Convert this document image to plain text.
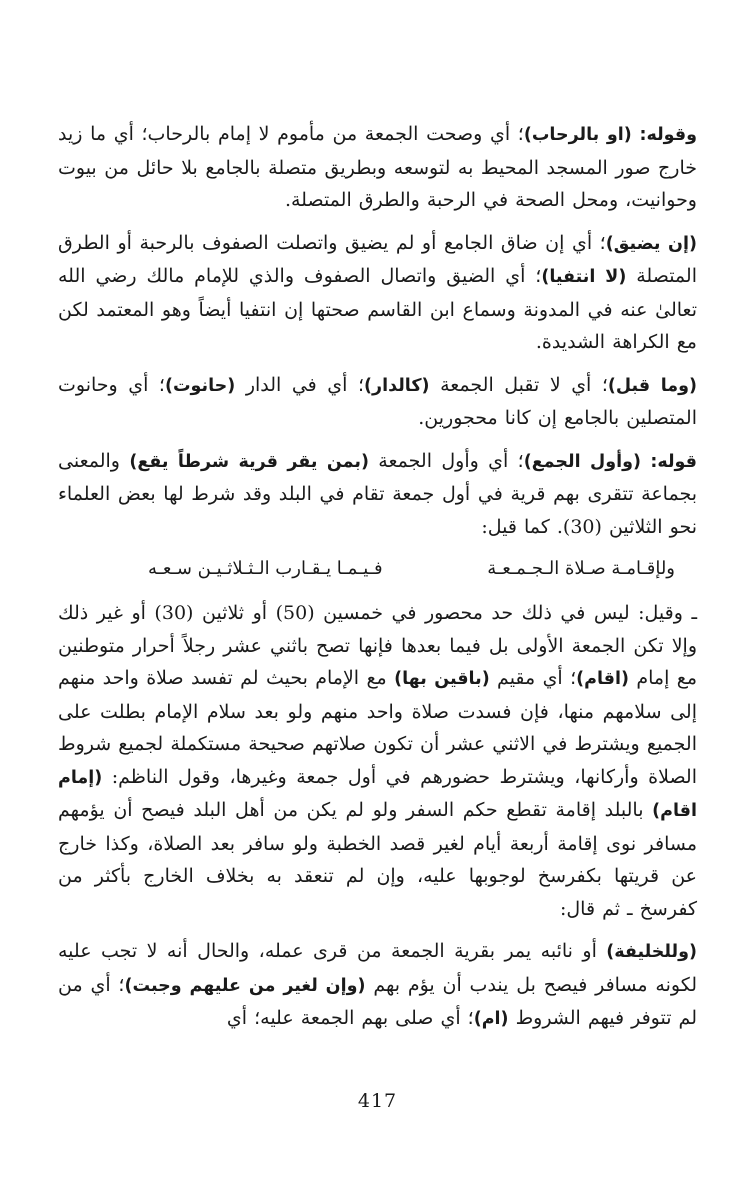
وقوله: (او بالرحاب)؛ أي وصحت الجمعة من مأموم لا إمام بالرحاب؛ أي ما زيد خارج صور المسجد المحيط به لتوسعه وبطريق متصلة بالجامع بلا حائل من بيوت وحوانيت، ومحل الصحة في الرحبة والطرق المتصلة.

(إن يضيق)؛ أي إن ضاق الجامع أو لم يضيق واتصلت الصفوف بالرحبة أو الطرق المتصلة (لا انتفيا)؛ أي الضيق واتصال الصفوف والذي للإمام مالك رضي الله تعالىٰ عنه في المدونة وسماع ابن القاسم صحتها إن انتفيا أيضاً وهو المعتمد لكن مع الكراهة الشديدة.

(وما قبل)؛ أي لا تقبل الجمعة (كالدار)؛ أي في الدار (حانوت)؛ أي وحانوت المتصلين بالجامع إن كانا محجورين.

قوله: (وأول الجمع)؛ أي وأول الجمعة (بمن يقر قرية شرطاً يقع) والمعنى بجماعة تتقرى بهم قرية في أول جمعة تقام في البلد وقد شرط لها بعض العلماء نحو الثلاثين (30). كما قيل:

ولإقـامـة صـلاة الـجـمـعـة
فـيـمـا يـقـارب الـثـلاثـيـن سـعـه

ـ وقيل: ليس في ذلك حد محصور في خمسين (50) أو ثلاثين (30) أو غير ذلك وإلا تكن الجمعة الأولى بل فيما بعدها فإنها تصح باثني عشر رجلاً أحرار متوطنين مع إمام (اقام)؛ أي مقيم (باقين بها) مع الإمام بحيث لم تفسد صلاة واحد منهم إلى سلامهم منها، فإن فسدت صلاة واحد منهم ولو بعد سلام الإمام بطلت على الجميع ويشترط في الاثني عشر أن تكون صلاتهم صحيحة مستكملة لجميع شروط الصلاة وأركانها، ويشترط حضورهم في أول جمعة وغيرها، وقول الناظم: (إمام اقام) بالبلد إقامة تقطع حكم السفر ولو لم يكن من أهل البلد فيصح أن يؤمهم مسافر نوى إقامة أربعة أيام لغير قصد الخطبة ولو سافر بعد الصلاة، وكذا خارج عن قريتها بكفرسخ لوجوبها عليه، وإن لم تنعقد به بخلاف الخارج بأكثر من كفرسخ ـ ثم قال:

(وللخليفة) أو نائبه يمر بقرية الجمعة من قرى عمله، والحال أنه لا تجب عليه لكونه مسافر فيصح بل يندب أن يؤم بهم (وإن لغير من عليهم وجبت)؛ أي من لم تتوفر فيهم الشروط (ام)؛ أي صلى بهم الجمعة عليه؛ أي

417
